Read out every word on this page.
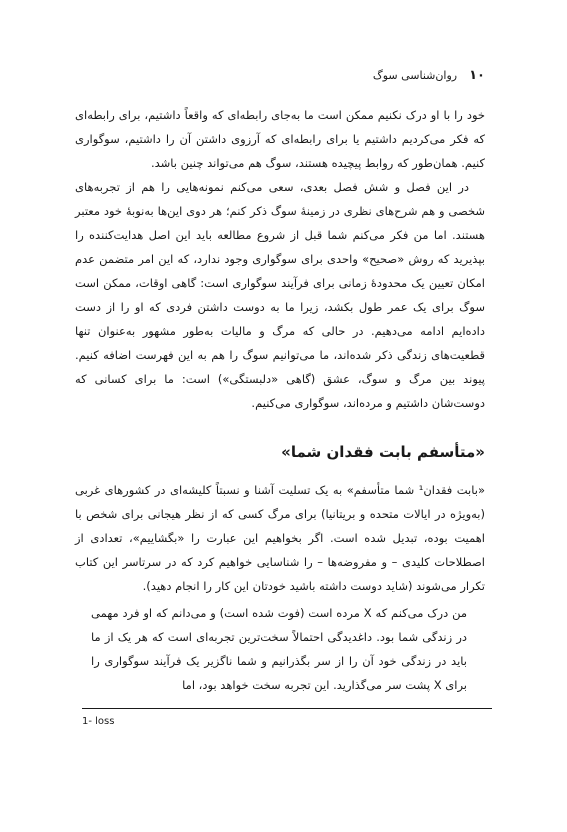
۱۰
روان‌شناسی سوگ

خود را با او درک نکنیم ممکن است ما به‌جای رابطه‌ای که واقعاً داشتیم، برای رابطه‌ای که فکر می‌کردیم داشتیم یا برای رابطه‌ای که آرزوی داشتن آن را داشتیم، سوگواری کنیم. همان‌طور که روابط پیچیده هستند، سوگ هم می‌تواند چنین باشد.

در این فصل و شش فصل بعدی، سعی می‌کنم نمونه‌هایی را هم از تجربه‌های شخصی و هم شرح‌های نظری در زمینهٔ سوگ ذکر کنم؛ هر دوی این‌ها به‌نوبهٔ خود معتبر هستند. اما من فکر می‌کنم شما قبل از شروع مطالعه باید این اصل هدایت‌کننده را بپذیرید که روش «صحیح» واحدی برای سوگواری وجود ندارد، که این امر متضمن عدم امکان تعیین یک محدودهٔ زمانی برای فرآیند سوگواری است: گاهی اوقات، ممکن است سوگ برای یک عمر طول بکشد، زیرا ما به دوست داشتن فردی که او را از دست داده‌ایم ادامه می‌دهیم. در حالی که مرگ و مالیات به‌طور مشهور به‌عنوان تنها قطعیت‌های زندگی ذکر شده‌اند، ما می‌توانیم سوگ را هم به این فهرست اضافه کنیم. پیوند بین مرگ و سوگ، عشق (گاهی «دلبستگی») است: ما برای کسانی که دوست‌شان داشتیم و مرده‌اند، سوگواری می‌کنیم.

«متأسفم بابت فقدان شما»

«بابت فقدان¹ شما متأسفم» به یک تسلیت آشنا و نسبتاً کلیشه‌ای در کشورهای غربی (به‌ویژه در ایالات متحده و بریتانیا) برای مرگ کسی که از نظر هیجانی برای شخص با اهمیت بوده، تبدیل شده است. اگر بخواهیم این عبارت را «بگشاییم»، تعدادی از اصطلاحات کلیدی – و مفروضه‌ها – را شناسایی خواهیم کرد که در سرتاسر این کتاب تکرار می‌شوند (شاید دوست داشته باشید خودتان این کار را انجام دهید).

من درک می‌کنم که X مرده است (فوت شده است) و می‌دانم که او فرد مهمی در زندگی شما بود. داغدیدگی احتمالاً سخت‌ترین تجربه‌ای است که هر یک از ما باید در زندگی خود آن را از سر بگذرانیم و شما ناگزیر یک فرآیند سوگواری را برای X پشت سر می‌گذارید. این تجربه سخت خواهد بود، اما

1- loss
